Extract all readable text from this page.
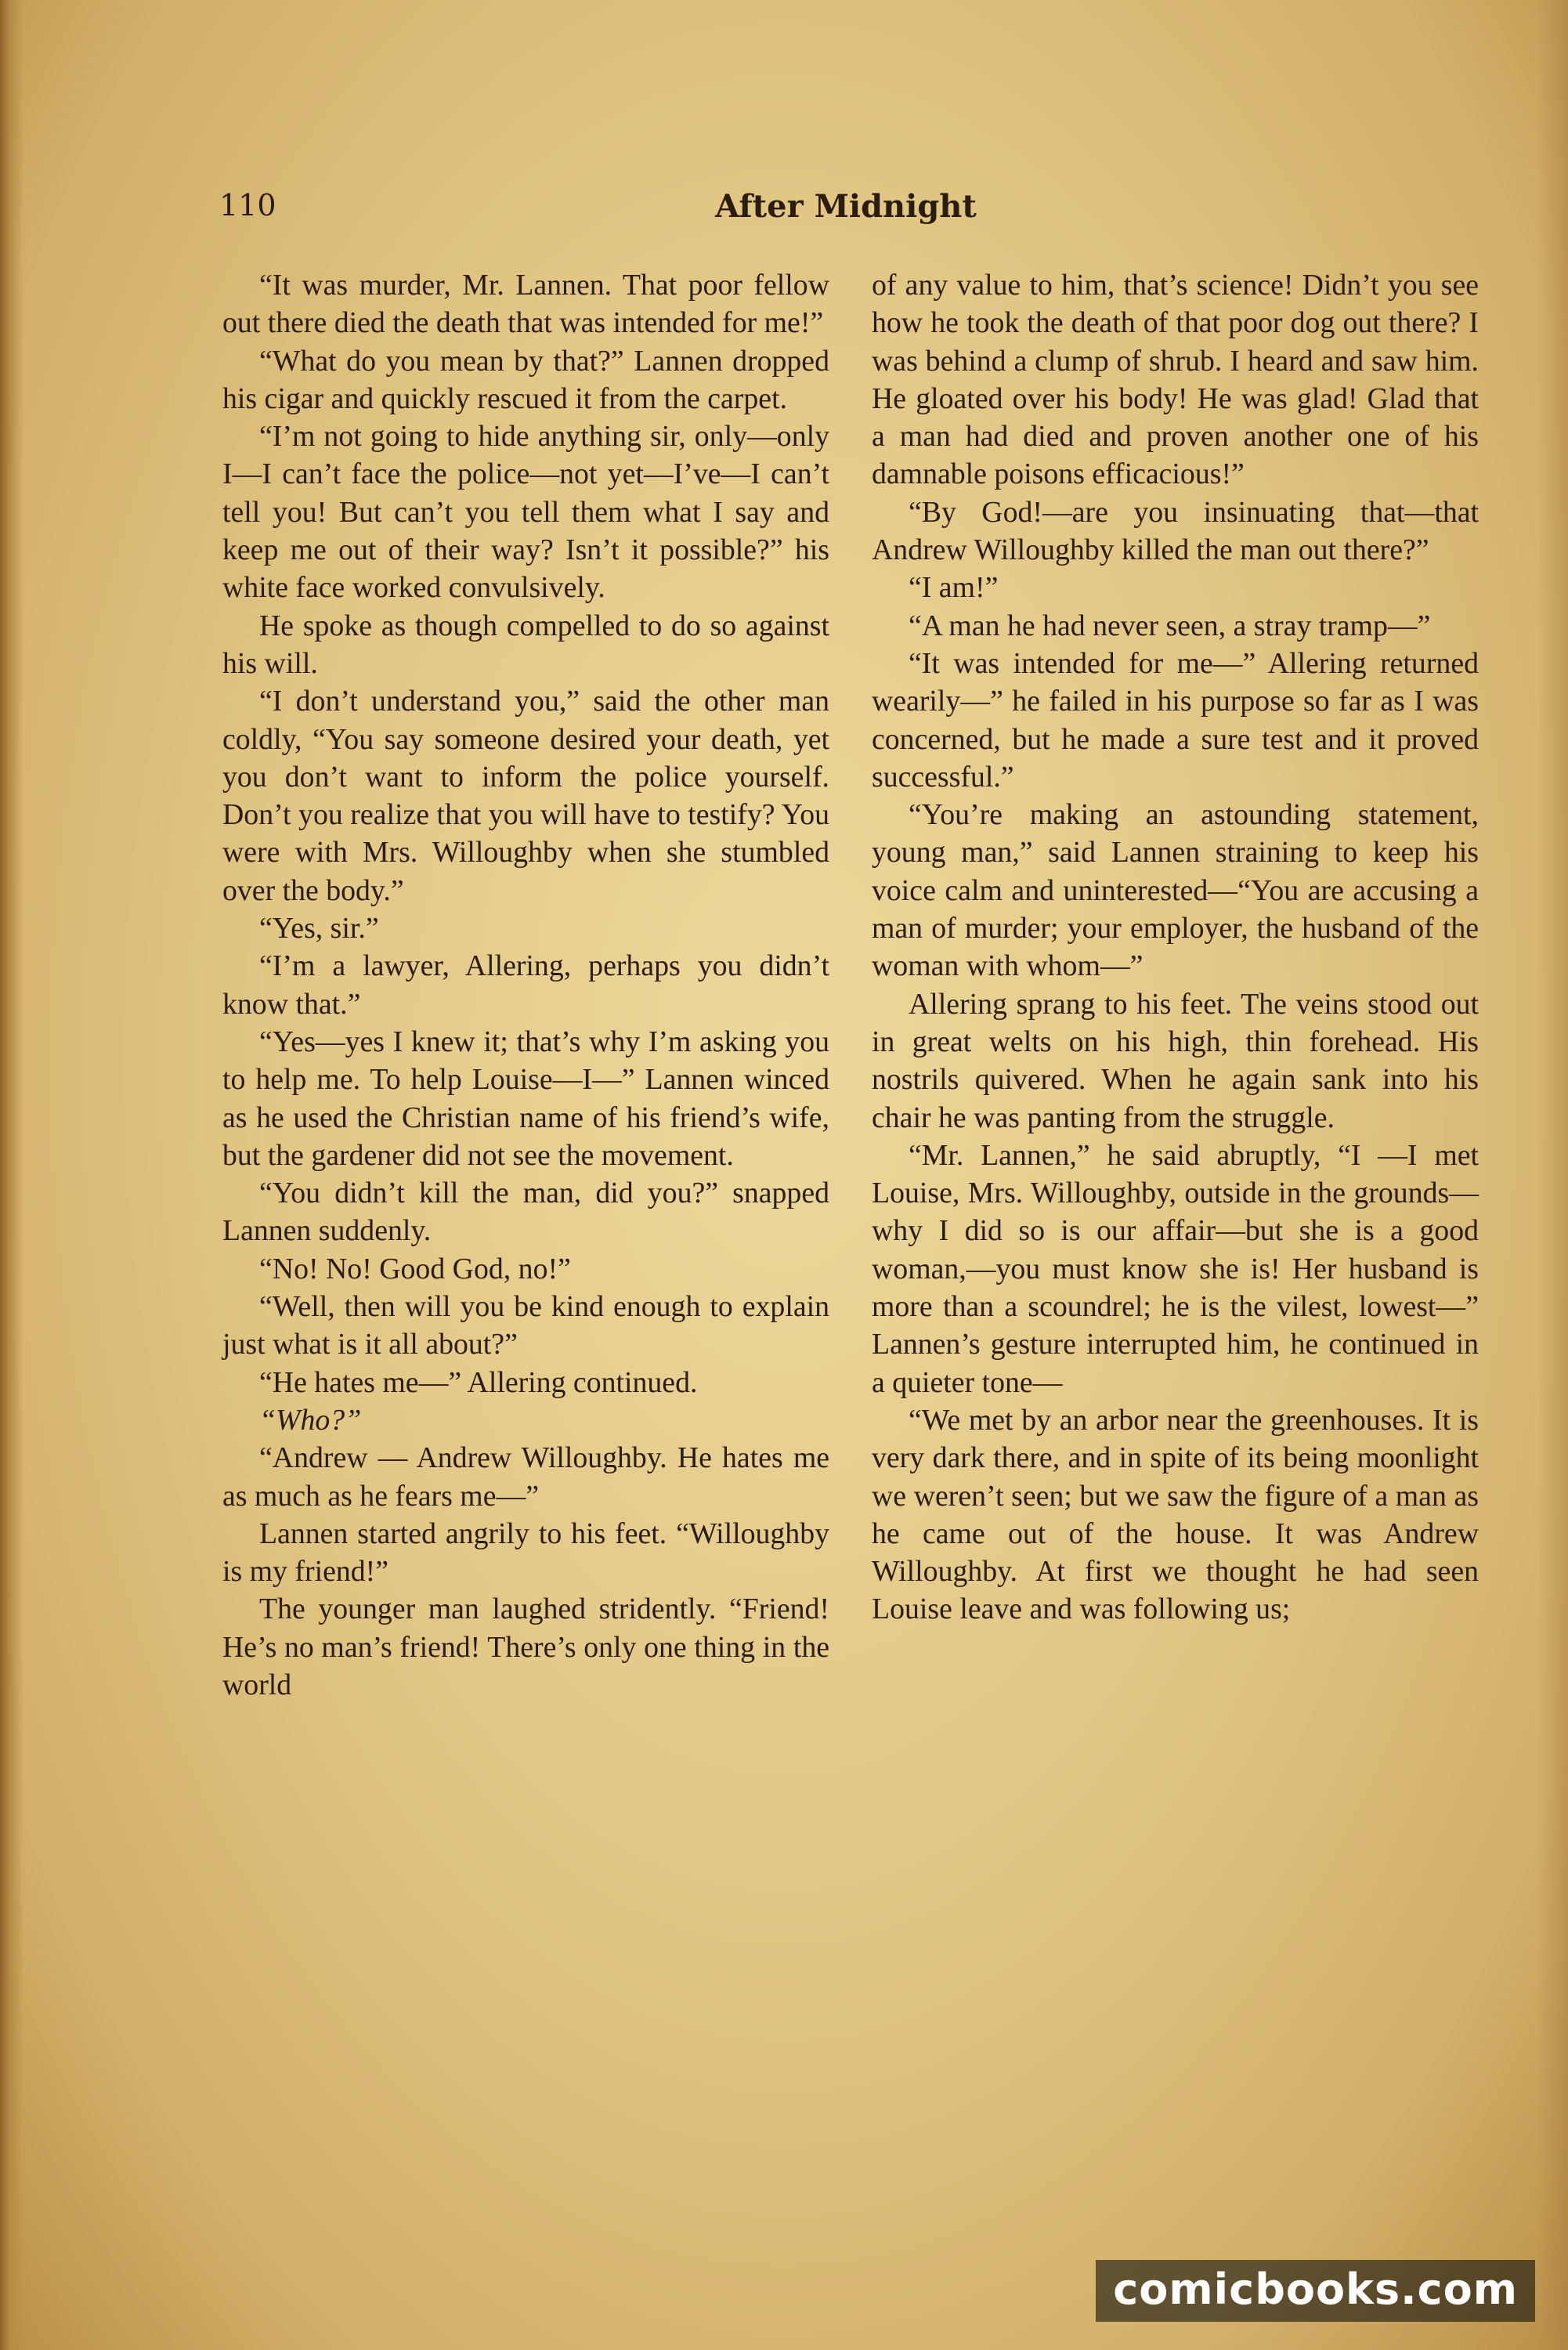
110	After Midnight

“It was murder, Mr. Lannen. That poor fellow out there died the death that was intended for me!”

“What do you mean by that?” Lannen dropped his cigar and quickly rescued it from the carpet.

“I’m not going to hide anything sir, only—only I—I can’t face the police—not yet—I’ve—I can’t tell you! But can’t you tell them what I say and keep me out of their way? Isn’t it possible?” his white face worked convulsively.

He spoke as though compelled to do so against his will.

“I don’t understand you,” said the other man coldly, “You say someone desired your death, yet you don’t want to inform the police yourself. Don’t you realize that you will have to testify? You were with Mrs. Willoughby when she stumbled over the body.”

“Yes, sir.”

“I’m a lawyer, Allering, perhaps you didn’t know that.”

“Yes—yes I knew it; that’s why I’m asking you to help me. To help Louise—I—” Lannen winced as he used the Christian name of his friend’s wife, but the gardener did not see the movement.

“You didn’t kill the man, did you?” snapped Lannen suddenly.

“No! No! Good God, no!”

“Well, then will you be kind enough to explain just what is it all about?”

“He hates me—” Allering continued.

“Who?”

“Andrew — Andrew Willoughby. He hates me as much as he fears me—”

Lannen started angrily to his feet. “Willoughby is my friend!”

The younger man laughed stridently. “Friend! He’s no man’s friend! There’s only one thing in the world

of any value to him, that’s science! Didn’t you see how he took the death of that poor dog out there? I was behind a clump of shrub. I heard and saw him. He gloated over his body! He was glad! Glad that a man had died and proven another one of his damnable poisons efficacious!”

“By God!—are you insinuating that—that Andrew Willoughby killed the man out there?”

“I am!”

“A man he had never seen, a stray tramp—”

“It was intended for me—” Allering returned wearily—” he failed in his purpose so far as I was concerned, but he made a sure test and it proved successful.”

“You’re making an astounding statement, young man,” said Lannen straining to keep his voice calm and uninterested—“You are accusing a man of murder; your employer, the husband of the woman with whom—”

Allering sprang to his feet. The veins stood out in great welts on his high, thin forehead. His nostrils quivered. When he again sank into his chair he was panting from the struggle.

“Mr. Lannen,” he said abruptly, “I —I met Louise, Mrs. Willoughby, outside in the grounds—why I did so is our affair—but she is a good woman,—you must know she is! Her husband is more than a scoundrel; he is the vilest, lowest—” Lannen’s gesture interrupted him, he continued in a quieter tone—

“We met by an arbor near the greenhouses. It is very dark there, and in spite of its being moonlight we weren’t seen; but we saw the figure of a man as he came out of the house. It was Andrew Willoughby. At first we thought he had seen Louise leave and was following us;

comicbooks.com
